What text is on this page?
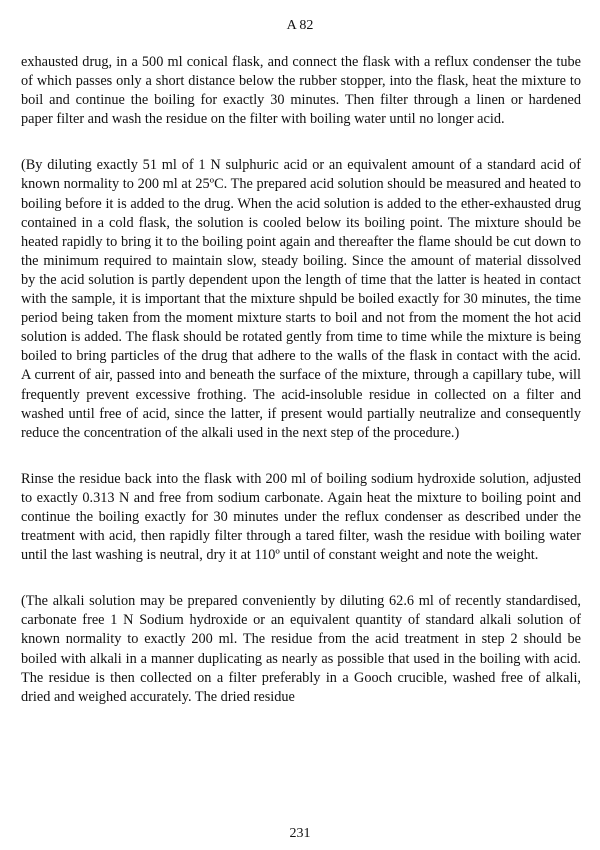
A 82

exhausted drug, in a 500 ml conical flask, and connect the flask with a reflux condenser the tube of which passes only a short distance below the rubber stopper, into the flask, heat the mixture to boil and continue the boiling for exactly 30 minutes. Then filter through a linen or hardened paper filter and wash the residue on the filter with boiling water until no longer acid.

(By diluting exactly 51 ml of 1 N sulphuric acid or an equivalent amount of a standard acid of known normality to 200 ml at 25ºC. The prepared acid solution should be measured and heated to boiling before it is added to the drug. When the acid solution is added to the ether-exhausted drug contained in a cold flask, the solution is cooled below its boiling point. The mixture should be heated rapidly to bring it to the boiling point again and thereafter the flame should be cut down to the minimum required to maintain slow, steady boiling. Since the amount of material dissolved by the acid solution is partly dependent upon the length of time that the latter is heated in contact with the sample, it is important that the mixture shpuld be boiled exactly for 30 minutes, the time period being taken from the moment mixture starts to boil and not from the moment the hot acid solution is added. The flask should be rotated gently from time to time while the mixture is being boiled to bring particles of the drug that adhere to the walls of the flask in contact with the acid. A current of air, passed into and beneath the surface of the mixture, through a capillary tube, will frequently prevent excessive frothing. The acid-insoluble residue in collected on a filter and washed until free of acid, since the latter, if present would partially neutralize and consequently reduce the concentration of the alkali used in the next step of the procedure.)

Rinse the residue back into the flask with 200 ml of boiling sodium hydroxide solution, adjusted to exactly 0.313 N and free from sodium carbonate. Again heat the mixture to boiling point and continue the boiling exactly for 30 minutes under the reflux condenser as described under the treatment with acid, then rapidly filter through a tared filter, wash the residue with boiling water until the last washing is neutral, dry it at 110º until of constant weight and note the weight.

(The alkali solution may be prepared conveniently by diluting 62.6 ml of recently standardised, carbonate free 1 N Sodium hydroxide or an equivalent quantity of standard alkali solution of known normality to exactly 200 ml. The residue from the acid treatment in step 2 should be boiled with alkali in a manner duplicating as nearly as possible that used in the boiling with acid. The residue is then collected on a filter preferably in a Gooch crucible, washed free of alkali, dried and weighed accurately. The dried residue

231
